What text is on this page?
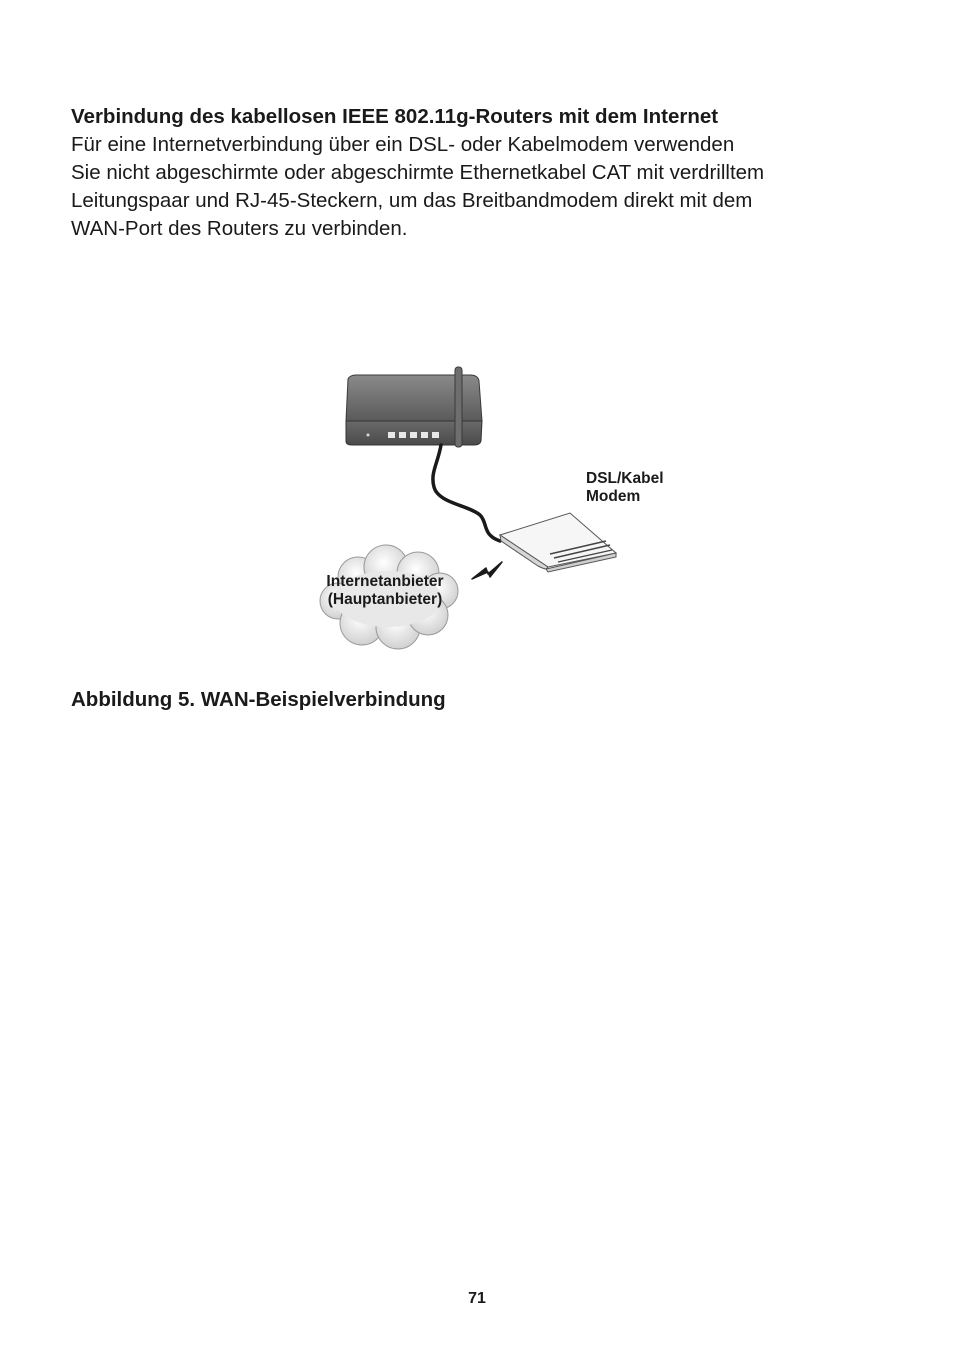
Verbindung des kabellosen IEEE 802.11g-Routers mit dem Internet

Für eine Internetverbindung über ein DSL- oder Kabelmodem verwenden
Sie nicht abgeschirmte oder abgeschirmte Ethernetkabel CAT mit verdrilltem
Leitungspaar und RJ-45-Steckern, um das Breitbandmodem direkt mit dem
WAN-Port des Routers zu verbinden.

DSL/Kabel
Modem
Internetanbieter
(Hauptanbieter)

Abbildung 5. WAN-Beispielverbindung

71
